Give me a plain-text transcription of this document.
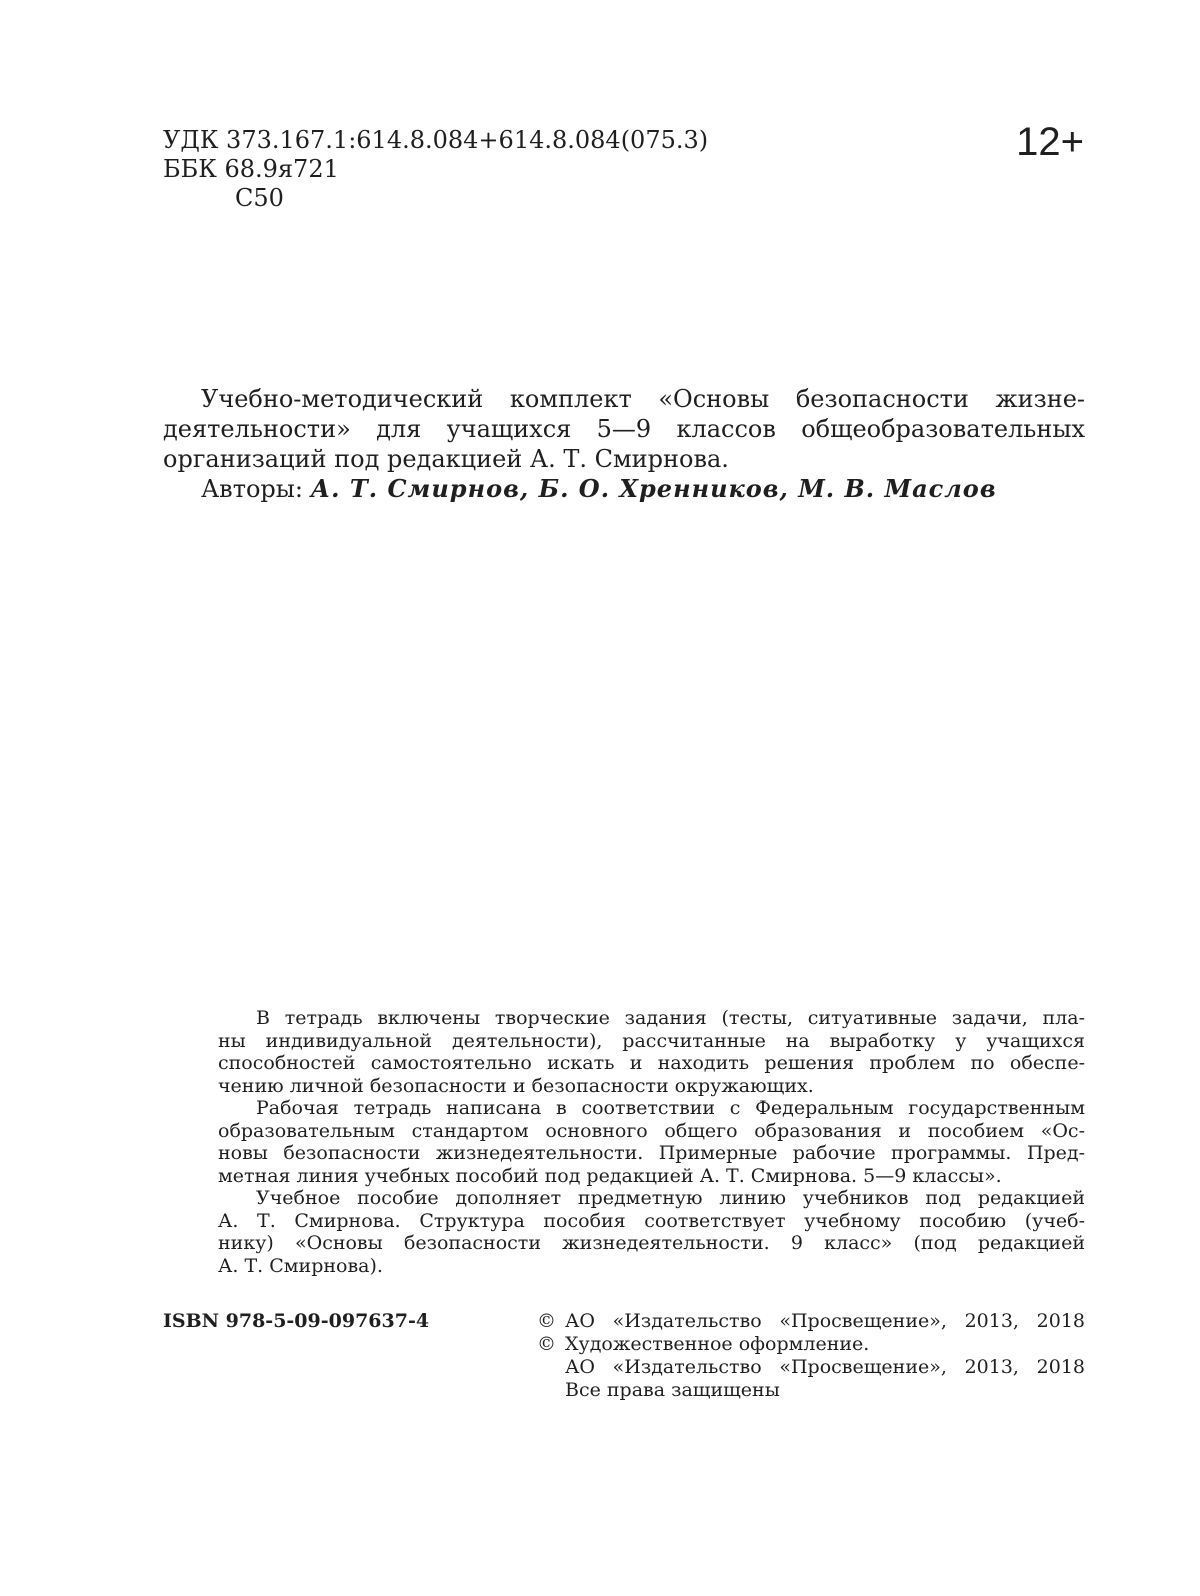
УДК 373.167.1:614.8.084+614.8.084(075.3)
ББК 68.9я721
С50
12+
Учебно-методический комплект «Основы безопасности жизне-
деятельности» для учащихся 5—9 классов общеобразовательных
организаций под редакцией А. Т. Смирнова.
Авторы: А. Т. Смирнов, Б. О. Хренников, М. В. Маслов
В тетрадь включены творческие задания (тесты, ситуативные задачи, пла-
ны индивидуальной деятельности), рассчитанные на выработку у учащихся
способностей самостоятельно искать и находить решения проблем по обеспе-
чению личной безопасности и безопасности окружающих.
Рабочая тетрадь написана в соответствии с Федеральным государственным
образовательным стандартом основного общего образования и пособием «Ос-
новы безопасности жизнедеятельности. Примерные рабочие программы. Пред-
метная линия учебных пособий под редакцией А. Т. Смирнова. 5—9 классы».
Учебное пособие дополняет предметную линию учебников под редакцией
А. Т. Смирнова. Структура пособия соответствует учебному пособию (учеб-
нику) «Основы безопасности жизнедеятельности. 9 класс» (под редакцией
А. Т. Смирнова).
ISBN 978-5-09-097637-4	© АО «Издательство «Просвещение», 2013, 2018
© Художественное оформление.
АО «Издательство «Просвещение», 2013, 2018
Все права защищены
